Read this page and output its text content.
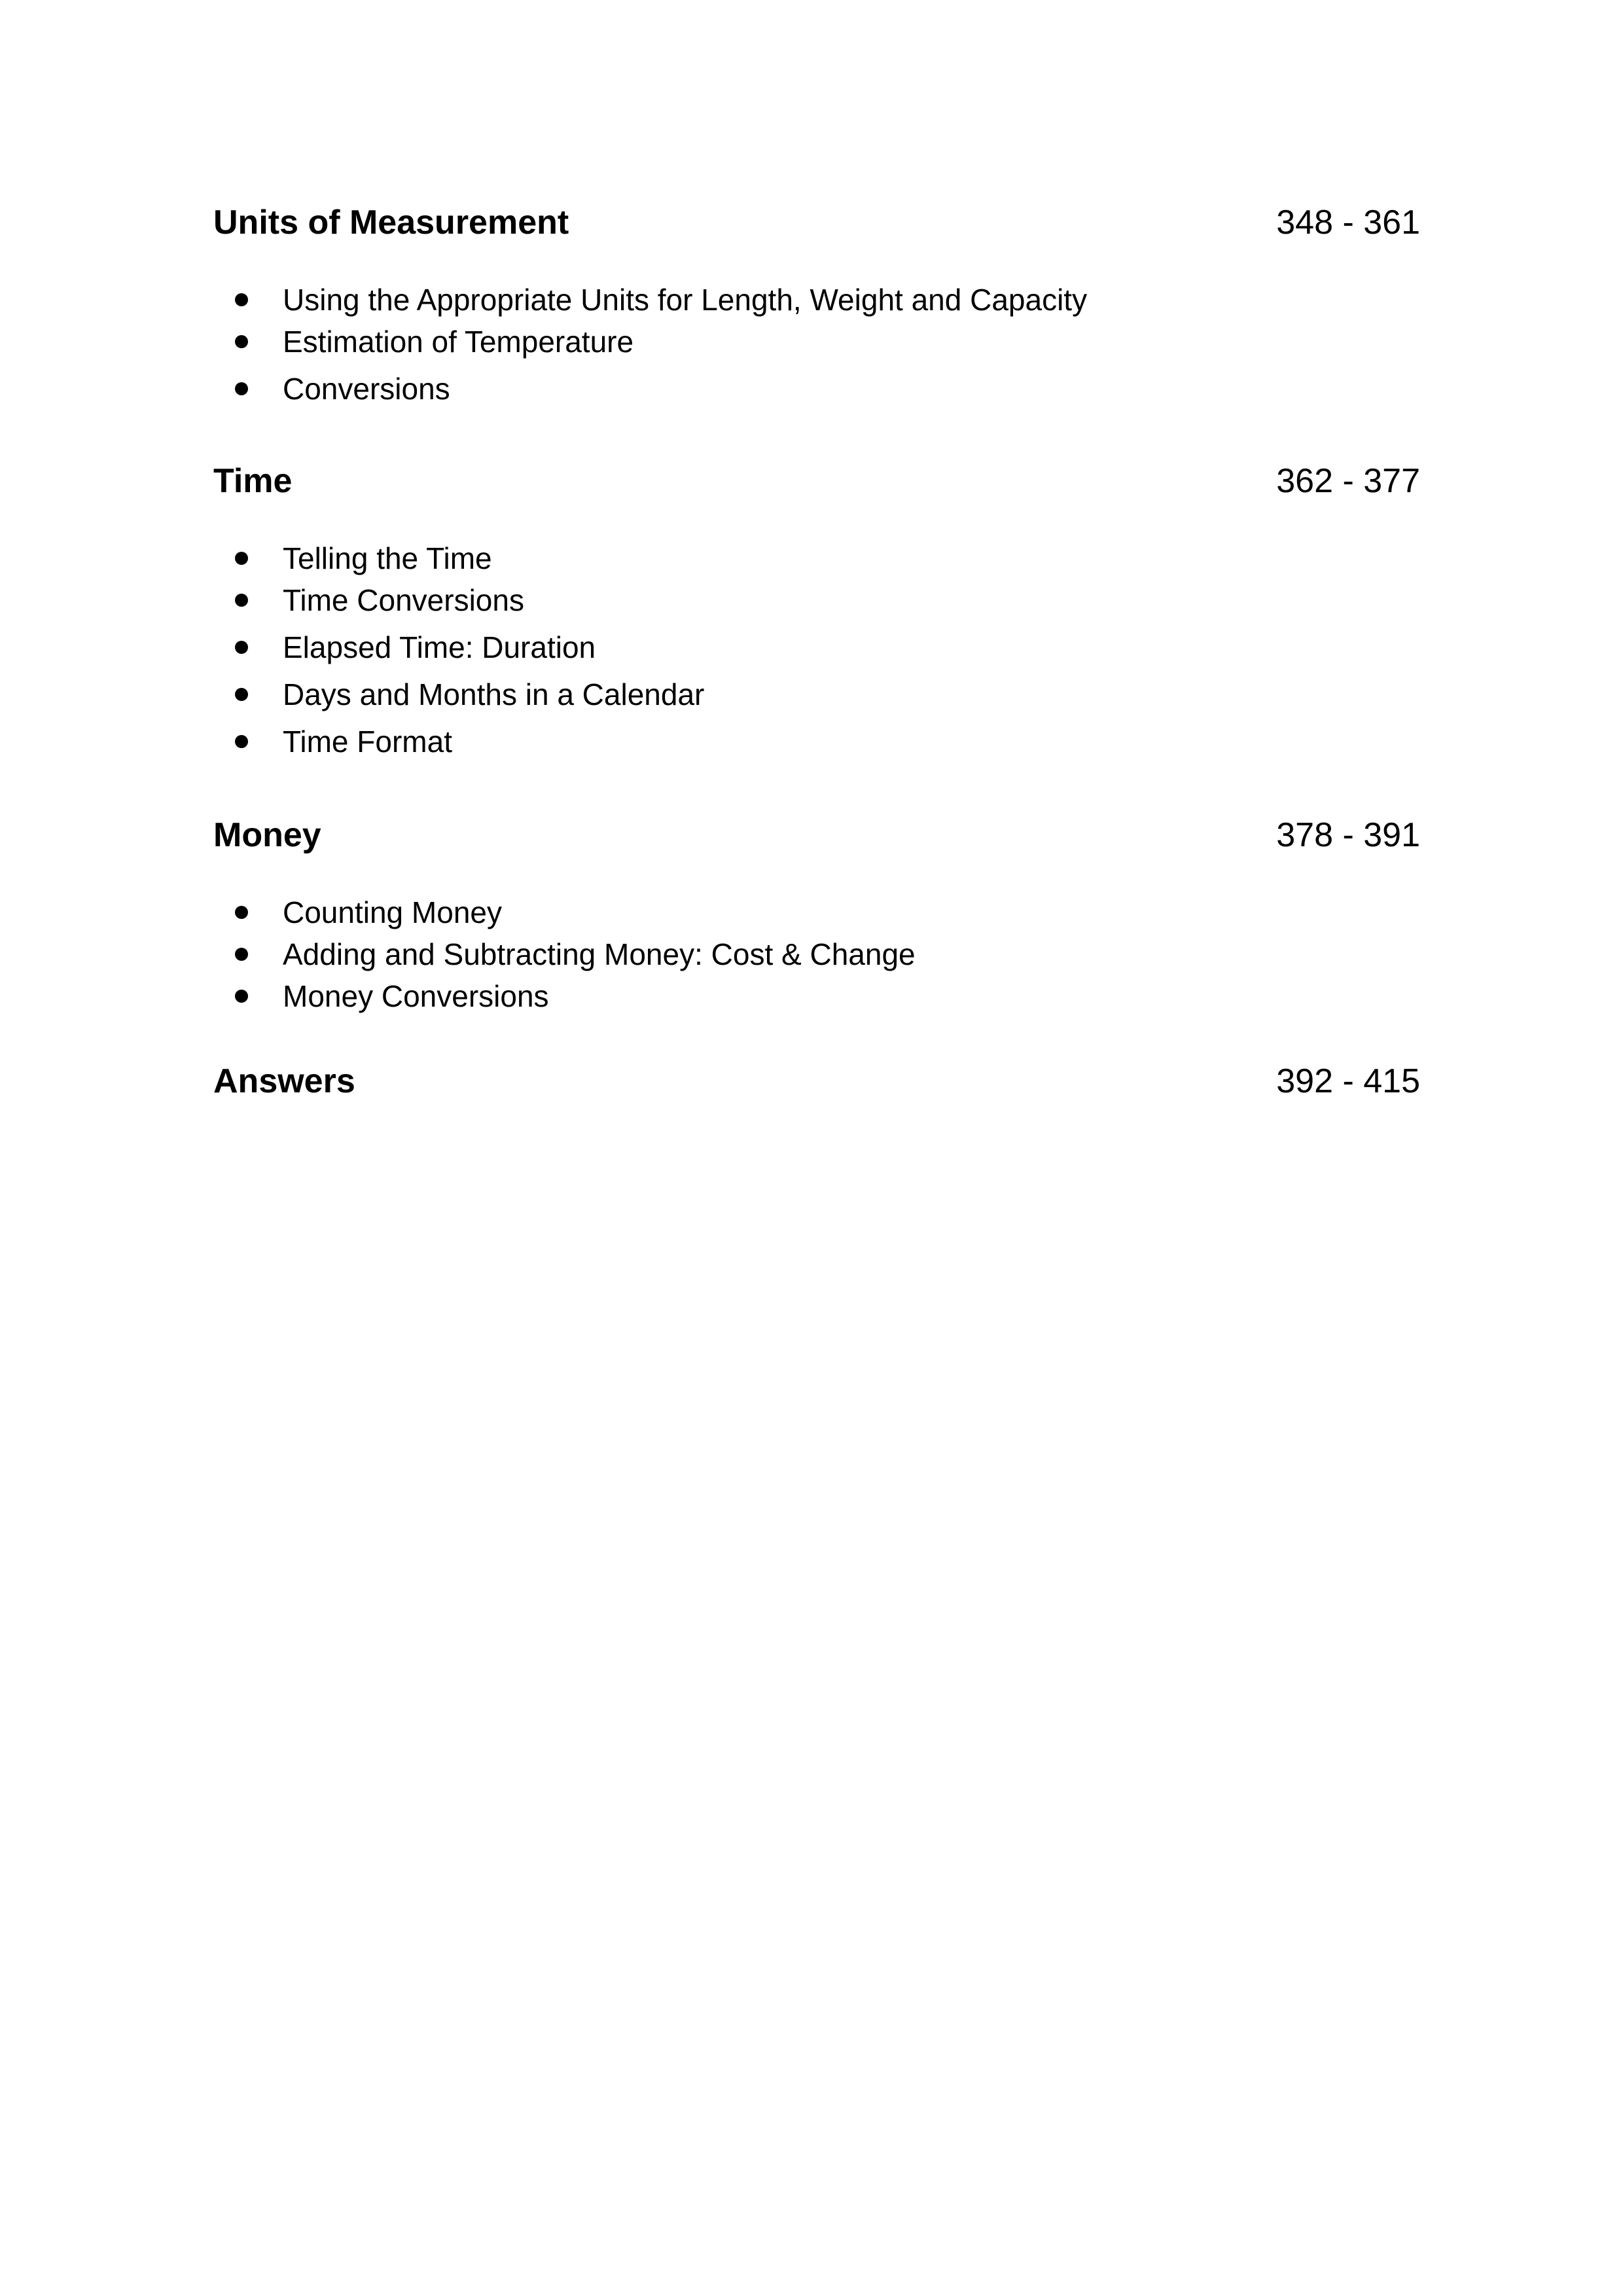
Units of Measurement	348 - 361
Using the Appropriate Units for Length, Weight and Capacity
Estimation of Temperature
Conversions
Time	362 - 377
Telling the Time
Time Conversions
Elapsed Time: Duration
Days and Months in a Calendar
Time Format
Money	378 - 391
Counting Money
Adding and Subtracting Money: Cost & Change
Money Conversions
Answers	392 - 415
